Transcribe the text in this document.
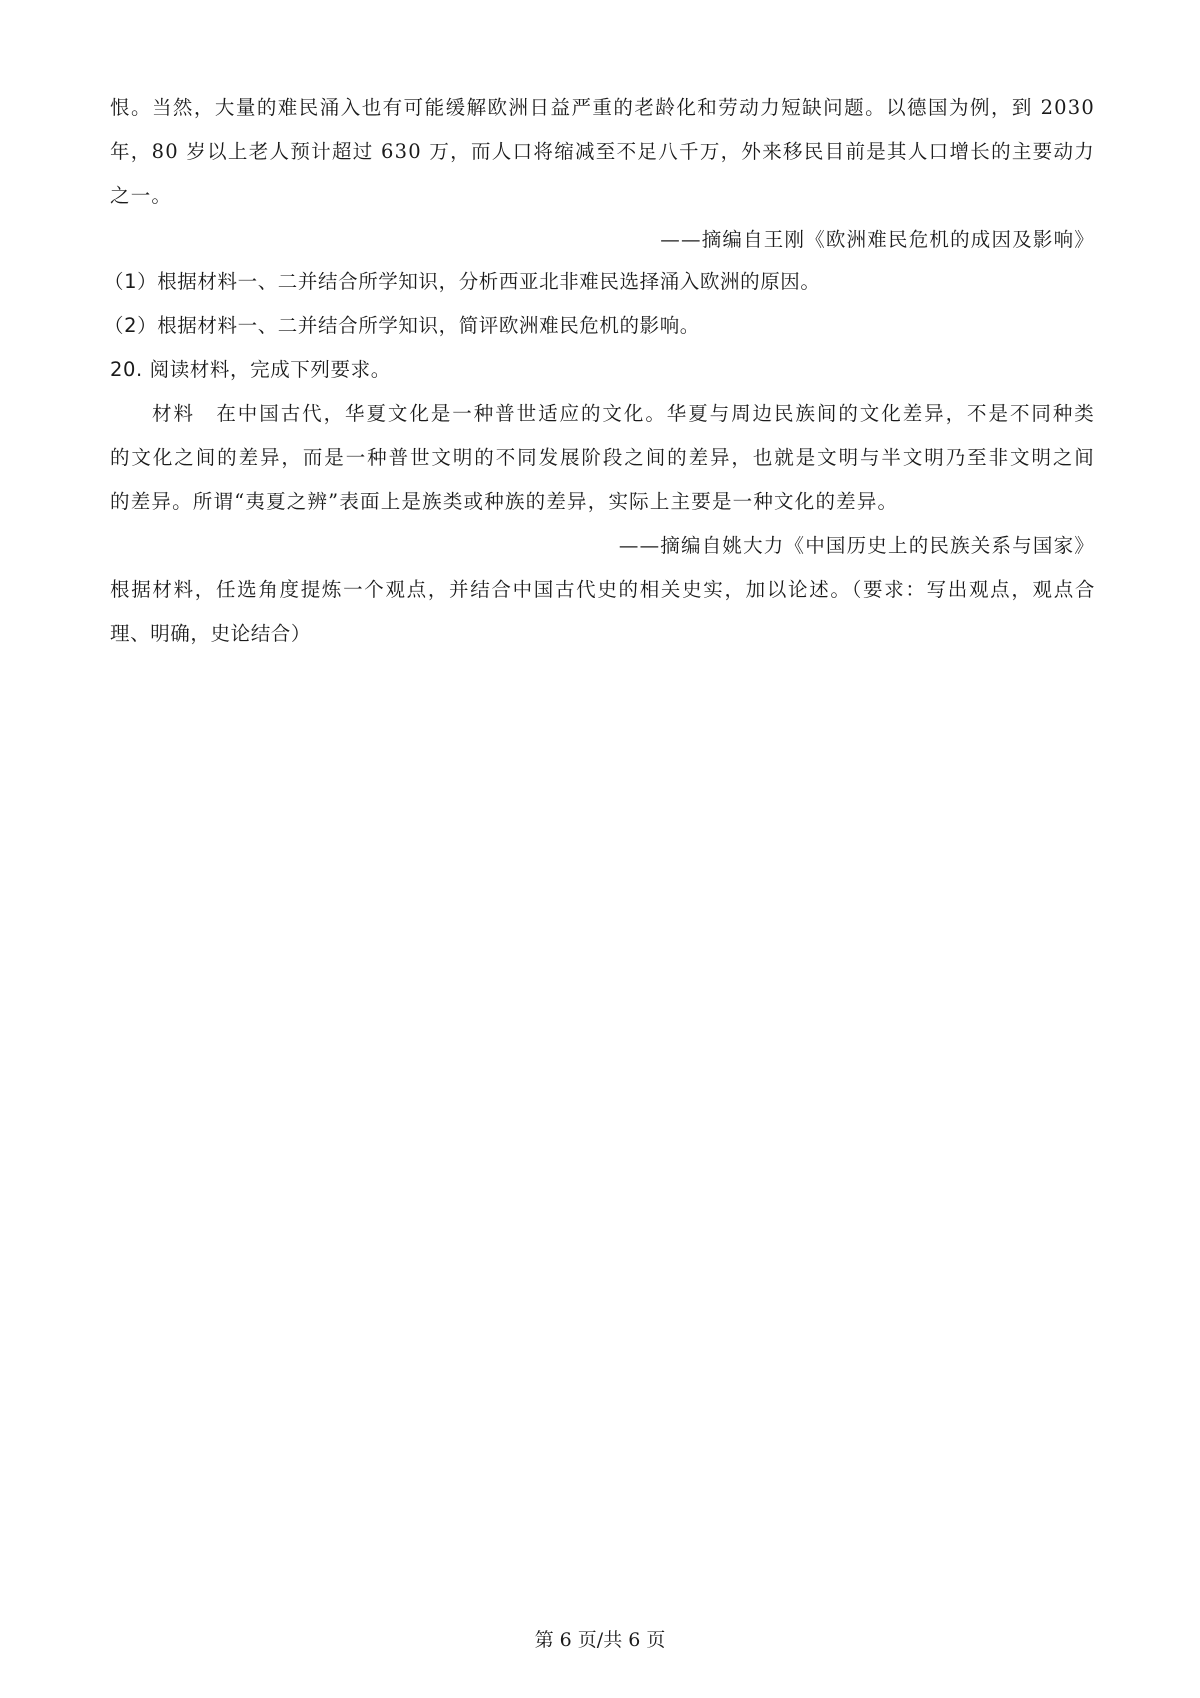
恨。当然，大量的难民涌入也有可能缓解欧洲日益严重的老龄化和劳动力短缺问题。以德国为例，到 2030
年，80 岁以上老人预计超过 630 万，而人口将缩减至不足八千万，外来移民目前是其人口增长的主要动力
之一。
——摘编自王刚《欧洲难民危机的成因及影响》
（1）根据材料一、二并结合所学知识，分析西亚北非难民选择涌入欧洲的原因。
（2）根据材料一、二并结合所学知识，简评欧洲难民危机的影响。
20. 阅读材料，完成下列要求。
材料　在中国古代，华夏文化是一种普世适应的文化。华夏与周边民族间的文化差异，不是不同种类
的文化之间的差异，而是一种普世文明的不同发展阶段之间的差异，也就是文明与半文明乃至非文明之间
的差异。所谓“夷夏之辨”表面上是族类或种族的差异，实际上主要是一种文化的差异。
——摘编自姚大力《中国历史上的民族关系与国家》
根据材料，任选角度提炼一个观点，并结合中国古代史的相关史实，加以论述。（要求：写出观点，观点合
理、明确，史论结合）
第 6 页/共 6 页
